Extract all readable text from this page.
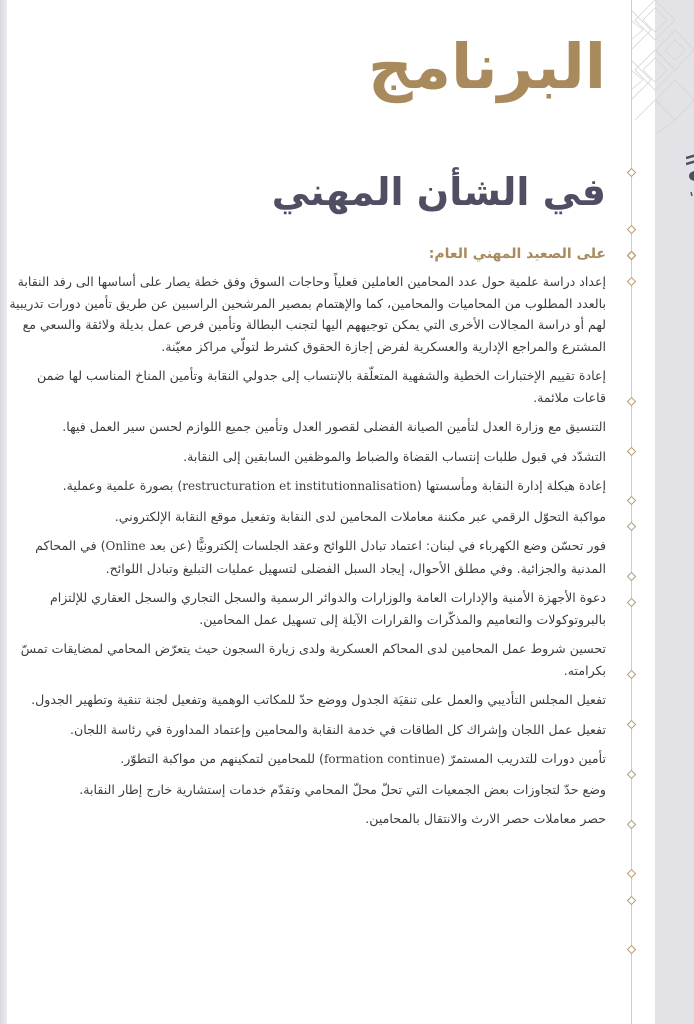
البرنامج
في الشأن المهني
على الصعيد المهني العام:
إعداد دراسة علمية حول عدد المحامين العاملين فعلياً وحاجات السوق وفق خطة يصار على أساسها الى رفد النقابة بالعدد المطلوب من المحاميات والمحامين، كما والإهتمام بمصير المرشحين الراسبين عن طريق تأمين دورات تدريبية لهم أو دراسة المجالات الأخرى التي يمكن توجيههم اليها لتجنب البطالة وتأمين فرص عمل بديلة ولائقة والسعي مع المشترع والمراجع الإدارية والعسكرية لفرض إجازة الحقوق كشرط لتولّي مراكز معيّنة.
إعادة تقييم الإختبارات الخطية والشفهية المتعلّقة بالإنتساب إلى جدولي النقابة وتأمين المناخ المناسب لها ضمن قاعات ملائمة.
التنسيق مع وزارة العدل لتأمين الصيانة الفضلى لقصور العدل وتأمين جميع اللوازم لحسن سير العمل فيها.
التشدّد في قبول طلبات إنتساب القضاة والضباط والموظفين السابقين إلى النقابة.
إعادة هيكلة إدارة النقابة ومأسستها (restructuration et institutionnalisation) بصورة علمية وعملية.
مواكبة التحوّل الرقمي عبر مكننة معاملات المحامين لدى النقابة وتفعيل موقع النقابة الإلكتروني.
فور تحسّن وضع الكهرباء في لبنان: اعتماد تبادل اللوائح وعقد الجلسات إلكترونيًّا (عن بعد Online) في المحاكم المدنية والجزائية. وفي مطلق الأحوال، إيجاد السبل الفضلى لتسهيل عمليات التبليغ وتبادل اللوائح.
دعوة الأجهزة الأمنية والإدارات العامة والوزارات والدوائر الرسمية والسجل التجاري والسجل العقاري للإلتزام بالبروتوكولات والتعاميم والمذكّرات والقرارات الآيلة إلى تسهيل عمل المحامين.
تحسين شروط عمل المحامين لدى المحاكم العسكرية ولدى زيارة السجون حيث يتعرّض المحامي لمضايقات تمسّ بكرامته.
تفعيل المجلس التأديبي والعمل على تنقيَة الجدول ووضع حدّ للمكاتب الوهمية وتفعيل لجنة تنقية وتطهير الجدول.
تفعيل عمل اللجان وإشراك كل الطاقات في خدمة النقابة والمحامين وإعتماد المداورة في رئاسة اللجان.
تأمين دورات للتدريب المستمرّ (formation continue) للمحامين لتمكينهم من مواكبة التطوّر.
وضع حدّ لتجاوزات بعض الجمعيات التي تحلّ محلّ المحامي وتقدّم خدمات إستشارية خارج إطار النقابة.
حصر معاملات حصر الارث والانتقال بالمحامين.
